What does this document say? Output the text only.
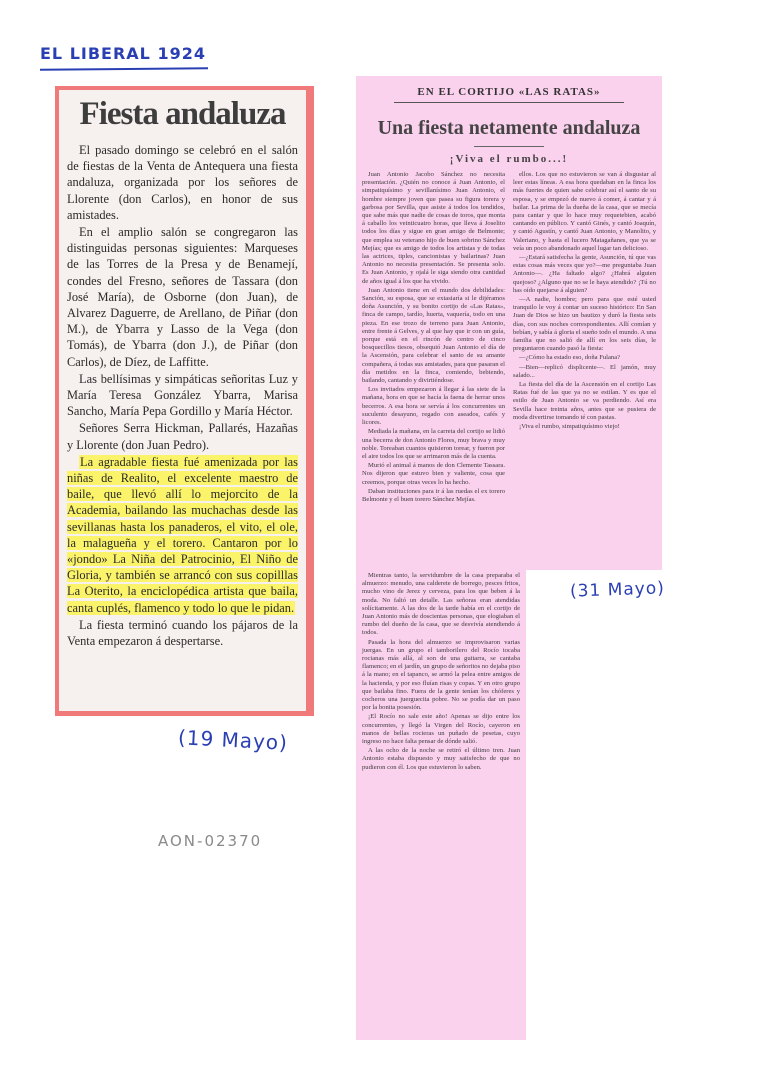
EL LIBERAL 1924
Fiesta andaluza

El pasado domingo se celebró en el salón de fiestas de la Venta de Antequera una fiesta andaluza, organizada por los señores de Llorente (don Carlos), en honor de sus amistades.

En el amplio salón se congregaron las distinguidas personas siguientes: Marqueses de las Torres de la Presa y de Benamejí, condes del Fresno, señores de Tassara (don José María), de Osborne (don Juan), de Alvarez Daguerre, de Arellano, de Piñar (don M.), de Ybarra y Lasso de la Vega (don Tomás), de Ybarra (don J.), de Piñar (don Carlos), de Díez, de Laffitte.

Las bellísimas y simpáticas señoritas Luz y María Teresa González Ybarra, Marisa Sancho, María Pepa Gordillo y María Héctor.

Señores Serra Hickman, Pallarés, Hazañas y Llorente (don Juan Pedro).

La agradable fiesta fué amenizada por las niñas de Realito, el excelente maestro de baile, que llevó allí lo mejorcito de la Academia, bailando las muchachas desde las sevillanas hasta los panaderos, el vito, el ole, la malagueña y el torero. Cantaron por lo «jondo» La Niña del Patrocinio, El Niño de Gloria, y también se arrancó con sus copilllas La Oterito, la enciclopédica artista que baila, canta cuplés, flamenco y todo lo que le pidan.

La fiesta terminó cuando los pájaros de la Venta empezaron á despertarse.

(19 Mayo)
AON-02370
EN EL CORTIJO «LAS RATAS»
Una fiesta netamente andaluza
¡Viva el rumbo...!

Juan Antonio Jacobo Sánchez no necesita presentación. ¿Quién no conoce á Juan Antonio, el simpatiquísimo y sevillanísimo Juan Antonio, el hombre siempre joven que pasea su figura torera y garbosa por Sevilla, que asiste á todos los tendidos, que sabe más que nadie de cosas de toros, que monta á caballo los veinticuatro horas, que lleva á Joselito todos los días y sigue en gran amigo de Belmonte; que emplea su veterano hijo de buen sobrino Sánchez Mejías; que es amigo de todos los artistas y de todas las actrices, tiples, cancionistas y bailarinas? Juan Antonio no necesita presentación. Se presenta solo. Es Juan Antonio, y ojalá le siga siendo otra cantidad de años igual á los que ha vivido.

Juan Antonio tiene en el mundo dos debilidades: Sanción, su esposa, que se extasiaría si le dijéramos doña Asunción, y su bonito cortijo de «Las Ratas», finca de campo, tardío, huerta, vaquería, todo en una pieza. En ese trozo de terreno para Juan Antonio, entre frente á Gelves, y al que hay que ir con un guía, porque está en el rincón de centro de cinco bosquecillos tiesos, obsequió Juan Antonio el día de la Ascensión, para celebrar el santo de su amante compañera, á todas sus amistades, para que pasaran el día metidos en la finca, comiendo, bebiendo, bailando, cantando y divirtiéndose.

Los invitados empezaron á llegar á las siete de la mañana, hora en que se hacía la faena de herrar unos becerros. A esa hora se servía á los concurrentes un suculento desayuno, regado con aseados, cafés y licores.

Mediada la mañana, en la carreta del cortijo se lidió una becerra de don Antonio Flores, muy brava y muy noble. Toreaban cuantos quisieron torear, y fueron por el aire todos los que se arrimaron más de la cuenta.

Murió el animal á manos de don Clemente Tassara. Nos dijeron que estuvo bien y valiente, cosa que creemos, porque otras veces lo ha hecho.

Daban instituciones para ir á las ruedas el ex torero Belmonte y el buen torero Sánchez Mejías.

ellos. Los que no estuvieron se van á disgustar al leer estas líneas. A esa hora quedaban en la finca los más fuertes de quien sabe celebrar así el santo de su esposa, y se empezó de nuevo á comer, á cantar y á bailar. La prima de la dueña de la casa, que se mecía para cantar y que lo hace muy requetebien, acabó cantando en público. Y cantó Ginés, y cantó Joaquín, y cantó Agustín, y cantó Juan Antonio, y Manolito, y Valeriano, y hasta el lucero Matagañanes, que ya se veía un poco abandonado aquel lugar tan delicioso.

—¿Estará satisfecha la gente, Asunción, tú que vas estas cosas más veces que yo?—me preguntaba Juan Antonio—. ¿Ha faltado algo? ¿Habrá alguien quejoso? ¿Alguno que no se le haya atendido? ¡Tú no has oído quejarse á alguien?

—A nadie, hombre; pero para que esté usted tranquilo le voy á contar un suceso histórico: En San Juan de Dios se hizo un bautizo y duró la fiesta seis días, con sus noches correspondientes. Allí comían y bebían, y sabía á gloria el sueño todo el mundo. A una familia que no salió de allí en los seis días, le preguntaron cuando pasó la fiesta:

—¿Cómo ha estado eso, doña Fulana?

—Bien—replicó displicente—. El jamón, muy salado...

La fiesta del día de la Ascensión en el cortijo Las Ratas fué de las que ya no se estilan. Y es que el estilo de Juan Antonio se va perdiendo. Así era Sevilla hace treinta años, antes que se pusiera de moda divertirse tomando té con pastas.

¡Viva el rumbo, simpatiquísimo viejo!

Mientras tanto, la servidumbre de la casa preparaba el almuerzo: menudo, una calderete de borrego, pesces fritos, mucho vino de Jerez y cerveza, para los que beben á la moda. No faltó un detalle. Las señoras eran atendidas solícitamente. A las dos de la tarde había en el cortijo de Juan Antonio más de doscientas personas, que elogiaban el rumbo del dueño de la casa, que se desvivía atendiendo á todos.

Pasada la hora del almuerzo se improvisaron varias juergas. En un grupo el tamborilero del Rocío tocaba rocianas más allá, al son de una guitarra, se cantaba flamenco; en el jardín, un grupo de señoritos no dejaba piso á la mano; en el tapanco, se armó la pelea entre amigos de la hacienda, y por eso fluían risas y copas. Y en otro grupo que bailaba fino. Fuera de la gente tenían los chóferes y cocheros una juerguecita pobre. No se podía dar un paso por la bonita posesión.

¡El Rocío no sale este año! Apenas se dijo entre los concurrentes, y llegó la Virgen del Rocío, cayeron en manos de bellas rocieras un puñado de pesetas, cuyo ingreso no hace falta pensar de dónde salió.

A las ocho de la noche se retiró el último tren. Juan Antonio estaba dispuesto y muy satisfecho de que no pudieron con él. Los que estuvieron lo saben.

(31 Mayo)
